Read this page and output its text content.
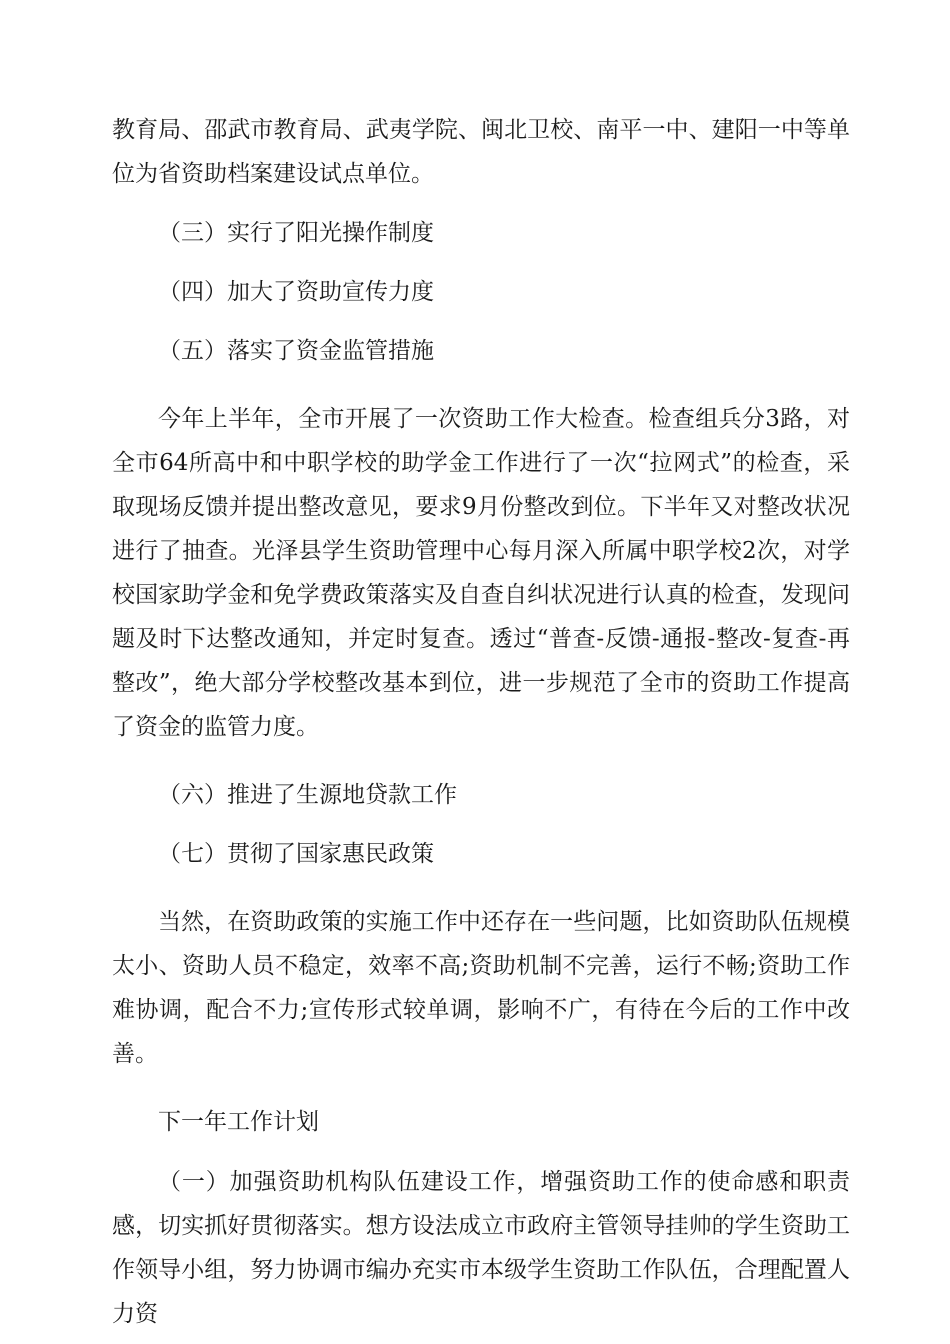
教育局、邵武市教育局、武夷学院、闽北卫校、南平一中、建阳一中等单位为省资助档案建设试点单位。

（三）实行了阳光操作制度

（四）加大了资助宣传力度

（五）落实了资金监管措施

今年上半年，全市开展了一次资助工作大检查。检查组兵分3路，对全市64所高中和中职学校的助学金工作进行了一次“拉网式”的检查，采取现场反馈并提出整改意见，要求9月份整改到位。下半年又对整改状况进行了抽查。光泽县学生资助管理中心每月深入所属中职学校2次，对学校国家助学金和免学费政策落实及自查自纠状况进行认真的检查，发现问题及时下达整改通知，并定时复查。透过“普查-反馈-通报-整改-复查-再整改”，绝大部分学校整改基本到位，进一步规范了全市的资助工作提高了资金的监管力度。

（六）推进了生源地贷款工作

（七）贯彻了国家惠民政策

当然，在资助政策的实施工作中还存在一些问题，比如资助队伍规模太小、资助人员不稳定，效率不高;资助机制不完善，运行不畅;资助工作难协调，配合不力;宣传形式较单调，影响不广，有待在今后的工作中改善。

下一年工作计划

（一）加强资助机构队伍建设工作，增强资助工作的使命感和职责感，切实抓好贯彻落实。想方设法成立市政府主管领导挂帅的学生资助工作领导小组，努力协调市编办充实市本级学生资助工作队伍，合理配置人力资
